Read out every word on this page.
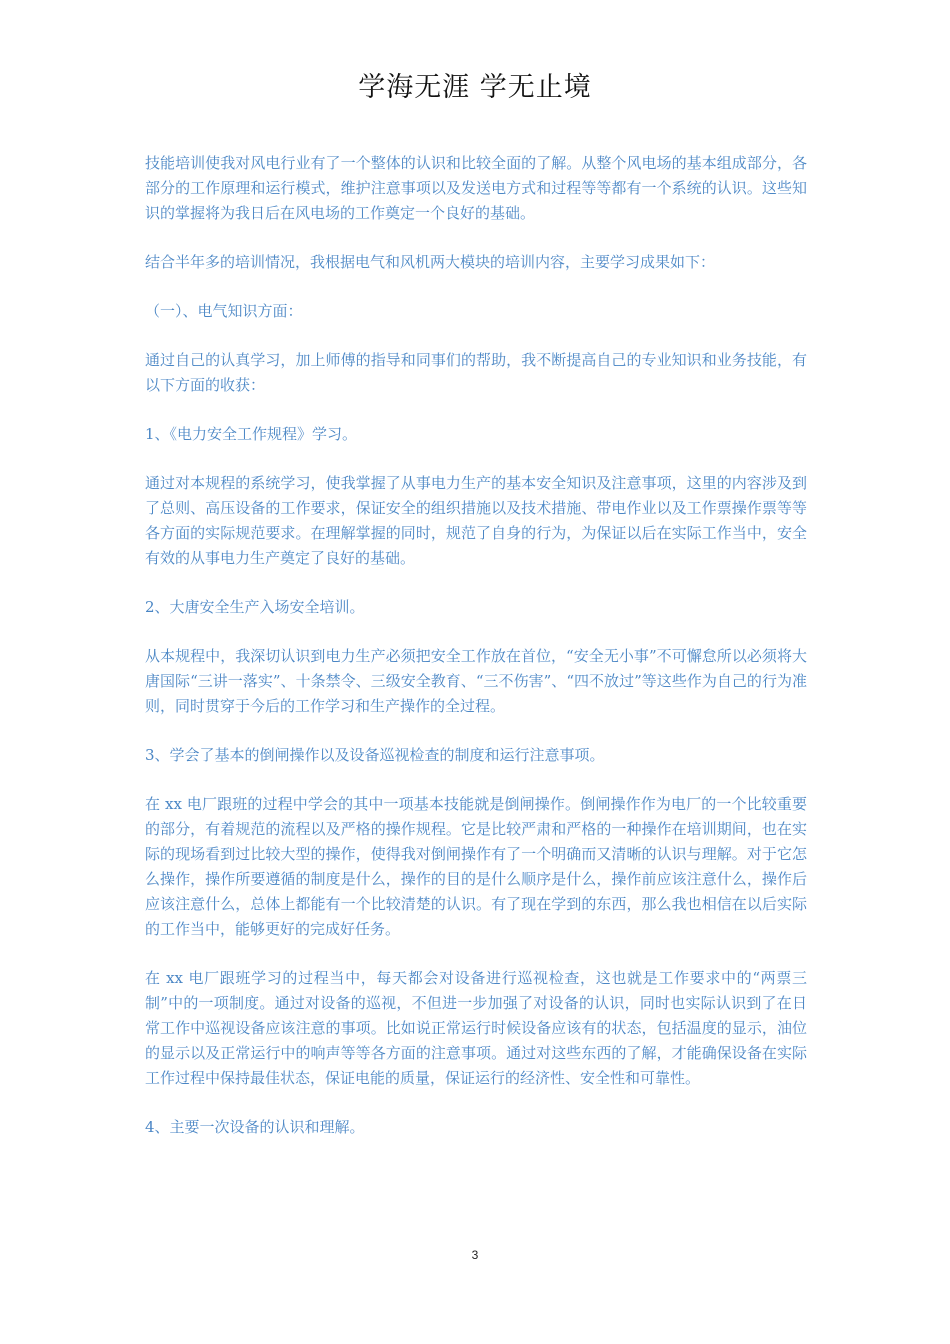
学海无涯 学无止境

技能培训使我对风电行业有了一个整体的认识和比较全面的了解。从整个风电场的基本组成部分，各部分的工作原理和运行模式，维护注意事项以及发送电方式和过程等等都有一个系统的认识。这些知识的掌握将为我日后在风电场的工作奠定一个良好的基础。

结合半年多的培训情况，我根据电气和风机两大模块的培训内容，主要学习成果如下：

（一）、电气知识方面：

通过自己的认真学习，加上师傅的指导和同事们的帮助，我不断提高自己的专业知识和业务技能，有以下方面的收获：

1、《电力安全工作规程》学习。

通过对本规程的系统学习，使我掌握了从事电力生产的基本安全知识及注意事项，这里的内容涉及到了总则、高压设备的工作要求，保证安全的组织措施以及技术措施、带电作业以及工作票操作票等等 各方面的实际规范要求。在理解掌握的同时，规范了自身的行为，为保证以后在实际工作当中，安全有效的从事电力生产奠定了良好的基础。

2、大唐安全生产入场安全培训。

从本规程中，我深切认识到电力生产必须把安全工作放在首位，“安全无小事”不可懈怠所以必须将大唐国际“三讲一落实”、十条禁令、三级安全教育、“三不伤害”、“四不放过”等这些作为自己的行为准则，同时贯穿于今后的工作学习和生产操作的全过程。

3、学会了基本的倒闸操作以及设备巡视检查的制度和运行注意事项。

在 xx 电厂跟班的过程中学会的其中一项基本技能就是倒闸操作。倒闸操作作为电厂的一个比较重要的部分，有着规范的流程以及严格的操作规程。它是比较严肃和严格的一种操作在培训期间，也在实际的现场看到过比较大型的操作，使得我对倒闸操作有了一个明确而又清晰的认识与理解。对于它怎么操作，操作所要遵循的制度是什么，操作的目的是什么顺序是什么，操作前应该注意什么，操作后应该注意什么，总体上都能有一个比较清楚的认识。有了现在学到的东西，那么我也相信在以后实际的工作当中，能够更好的完成好任务。

在 xx 电厂跟班学习的过程当中，每天都会对设备进行巡视检查，这也就是工作要求中的“两票三制”中的一项制度。通过对设备的巡视，不但进一步加强了对设备的认识，同时也实际认识到了在日常工作中巡视设备应该注意的事项。比如说正常运行时候设备应该有的状态，包括温度的显示，油位的显示以及正常运行中的响声等等各方面的注意事项。通过对这些东西的了解，才能确保设备在实际工作过程中保持最佳状态，保证电能的质量，保证运行的经济性、安全性和可靠性。

4、主要一次设备的认识和理解。

3
